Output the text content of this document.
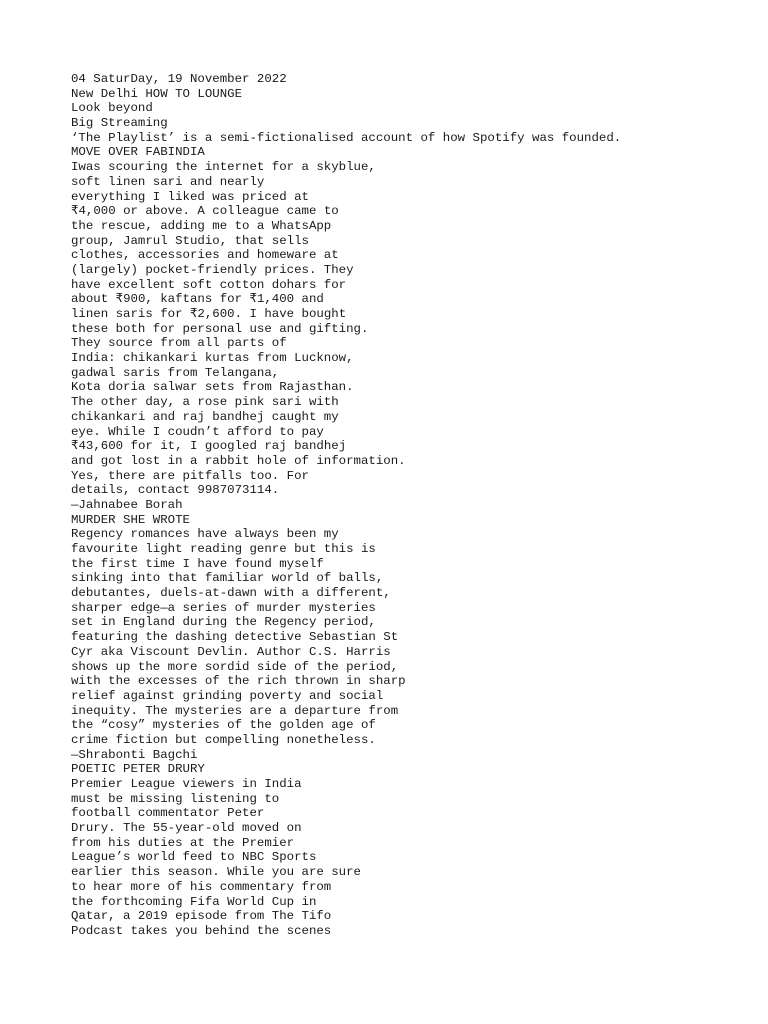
04 SaturDay, 19 November 2022
New Delhi HOW TO LOUNGE
Look beyond
Big Streaming
‘The Playlist’ is a semi-fictionalised account of how Spotify was founded.
MOVE OVER FABINDIA
Iwas scouring the internet for a skyblue,
soft linen sari and nearly
everything I liked was priced at
₹4,000 or above. A colleague came to
the rescue, adding me to a WhatsApp
group, Jamrul Studio, that sells
clothes, accessories and homeware at
(largely) pocket-friendly prices. They
have excellent soft cotton dohars for
about ₹900, kaftans for ₹1,400 and
linen saris for ₹2,600. I have bought
these both for personal use and gifting.
They source from all parts of
India: chikankari kurtas from Lucknow,
gadwal saris from Telangana,
Kota doria salwar sets from Rajasthan.
The other day, a rose pink sari with
chikankari and raj bandhej caught my
eye. While I coudn’t afford to pay
₹43,600 for it, I googled raj bandhej
and got lost in a rabbit hole of information.
Yes, there are pitfalls too. For
details, contact 9987073114.
—Jahnabee Borah
MURDER SHE WROTE
Regency romances have always been my
favourite light reading genre but this is
the first time I have found myself
sinking into that familiar world of balls,
debutantes, duels-at-dawn with a different,
sharper edge—a series of murder mysteries
set in England during the Regency period,
featuring the dashing detective Sebastian St
Cyr aka Viscount Devlin. Author C.S. Harris
shows up the more sordid side of the period,
with the excesses of the rich thrown in sharp
relief against grinding poverty and social
inequity. The mysteries are a departure from
the “cosy” mysteries of the golden age of
crime fiction but compelling nonetheless.
—Shrabonti Bagchi
POETIC PETER DRURY
Premier League viewers in India
must be missing listening to
football commentator Peter
Drury. The 55-year-old moved on
from his duties at the Premier
League’s world feed to NBC Sports
earlier this season. While you are sure
to hear more of his commentary from
the forthcoming Fifa World Cup in
Qatar, a 2019 episode from The Tifo
Podcast takes you behind the scenes
